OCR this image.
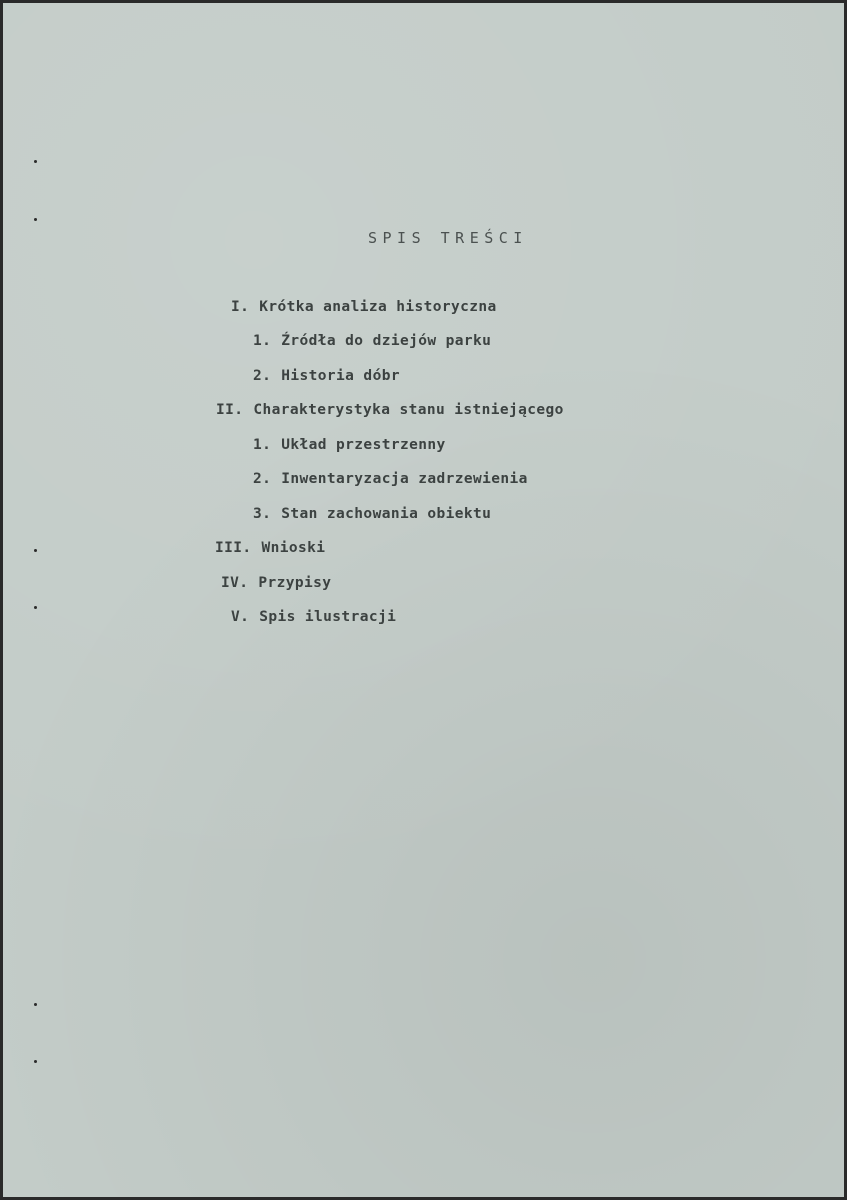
SPIS TREŚCI
I. Krótka analiza historyczna
1. Źródła do dziejów parku
2. Historia dóbr
II. Charakterystyka stanu istniejącego
1. Układ przestrzenny
2. Inwentaryzacja zadrzewienia
3. Stan zachowania obiektu
III. Wnioski
IV. Przypisy
V. Spis ilustracji
